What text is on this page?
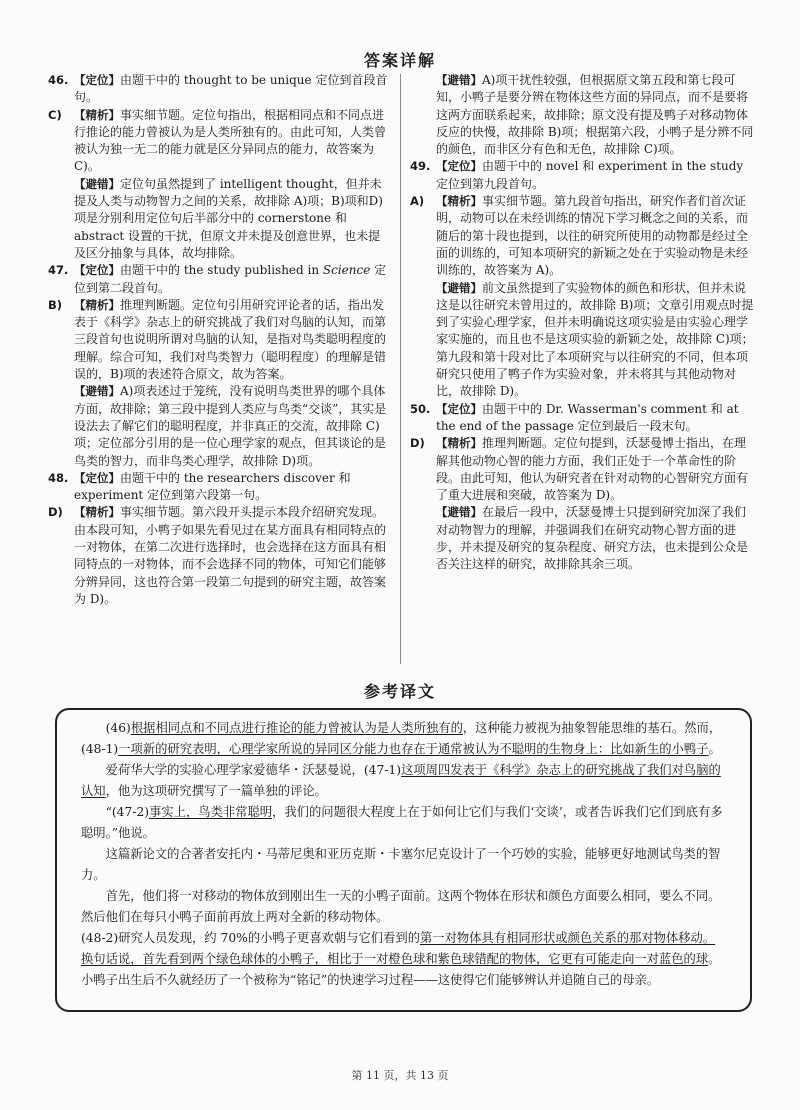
答案详解
46. 【定位】由题干中的 thought to be unique 定位到首段首句。
C)	【精析】事实细节题。定位句指出，根据相同点和不同点进行推论的能力曾被认为是人类所独有的。由此可知，人类曾被认为独一无二的能力就是区分异同点的能力，故答案为C)。
【避错】定位句虽然提到了 intelligent thought，但并未提及人类与动物智力之间的关系，故排除 A)项；B)项和D)项是分别利用定位句后半部分中的 cornerstone 和 abstract 设置的干扰，但原文并未提及创意世界，也未提及区分抽象与具体，故均排除。
47. 【定位】由题干中的 the study published in Science 定位到第二段首句。
B)	【精析】推理判断题。定位句引用研究评论者的话，指出发表于《科学》杂志上的研究挑战了我们对鸟脑的认知，而第三段首句也说明所谓对鸟脑的认知，是指对鸟类聪明程度的理解。综合可知，我们对鸟类智力（聪明程度）的理解是错误的，B)项的表述符合原文，故为答案。
【避错】A)项表述过于笼统，没有说明鸟类世界的哪个具体方面，故排除；第三段中提到人类应与鸟类“交谈”，其实是设法去了解它们的聪明程度，并非真正的交流，故排除 C)项；定位部分引用的是一位心理学家的观点，但其谈论的是鸟类的智力，而非鸟类心理学，故排除 D)项。
48. 【定位】由题干中的 the researchers discover 和 experiment 定位到第六段第一句。
D) 【精析】事实细节题。第六段开头提示本段介绍研究发现。由本段可知，小鸭子如果先看见过在某方面具有相同特点的一对物体，在第二次进行选择时，也会选择在这方面具有相同特点的一对物体，而不会选择不同的物体，可知它们能够分辨异同，这也符合第一段第二句提到的研究主题，故答案为 D)。
【避错】A)项干扰性较强，但根据原文第五段和第七段可知，小鸭子是要分辨在物体这些方面的异同点，而不是要将这两方面联系起来，故排除；原文没有提及鸭子对移动物体反应的快慢，故排除 B)项；根据第六段，小鸭子是分辨不同的颜色，而非区分有色和无色，故排除 C)项。
49. 【定位】由题干中的 novel 和 experiment in the study 定位到第九段首句。
A)	【精析】事实细节题。第九段首句指出，研究作者们首次证明，动物可以在未经训练的情况下学习概念之间的关系，而随后的第十段也提到，以往的研究所使用的动物都是经过全面的训练的，可知本项研究的新颖之处在于实验动物是未经训练的，故答案为 A)。
【避错】前文虽然提到了实验物体的颜色和形状，但并未说这是以往研究未曾用过的，故排除 B)项；文章引用观点时提到了实验心理学家，但并未明确说这项实验是由实验心理学家实施的，而且也不是这项实验的新颖之处，故排除 C)项；第九段和第十段对比了本项研究与以往研究的不同，但本项研究只使用了鸭子作为实验对象，并未将其与其他动物对比，故排除 D)。
50. 【定位】由题干中的 Dr. Wasserman's comment 和 at the end of the passage 定位到最后一段末句。
D) 【精析】推理判断题。定位句提到，沃瑟曼博士指出，在理解其他动物心智的能力方面，我们正处于一个革命性的阶段。由此可知，他认为研究者在针对动物的心智研究方面有了重大进展和突破，故答案为 D)。
【避错】在最后一段中，沃瑟曼博士只提到研究加深了我们对动物智力的理解，并强调我们在研究动物心智方面的进步，并未提及研究的复杂程度、研究方法，也未提到公众是否关注这样的研究，故排除其余三项。
参考译文

(46)根据相同点和不同点进行推论的能力曾被认为是人类所独有的，这种能力被视为抽象智能思维的基石。然而，(48-1)一项新的研究表明，心理学家所说的异同区分能力也存在于通常被认为不聪明的生物身上：比如新生的小鸭子。

爱荷华大学的实验心理学家爱德华・沃瑟曼说，(47-1)这项周四发表于《科学》杂志上的研究挑战了我们对鸟脑的认知，他为这项研究撰写了一篇单独的评论。

“(47-2)事实上，鸟类非常聪明，我们的问题很大程度上在于如何让它们与我们‘交谈’，或者告诉我们它们到底有多聪明。”他说。

这篇新论文的合著者安托内・马蒂尼奥和亚历克斯・卡塞尔尼克设计了一个巧妙的实验，能够更好地测试鸟类的智力。

首先，他们将一对移动的物体放到刚出生一天的小鸭子面前。这两个物体在形状和颜色方面要么相同，要么不同。然后他们在每只小鸭子面前再放上两对全新的移动物体。

(48-2)研究人员发现，约 70%的小鸭子更喜欢朝与它们看到的第一对物体具有相同形状或颜色关系的那对物体移动。换句话说，首先看到两个绿色球体的小鸭子，相比于一对橙色球和紫色球错配的物体，它更有可能走向一对蓝色的球。

小鸭子出生后不久就经历了一个被称为“铭记”的快速学习过程——这使得它们能够辨认并追随自己的母亲。

第 11 页，共 13 页
